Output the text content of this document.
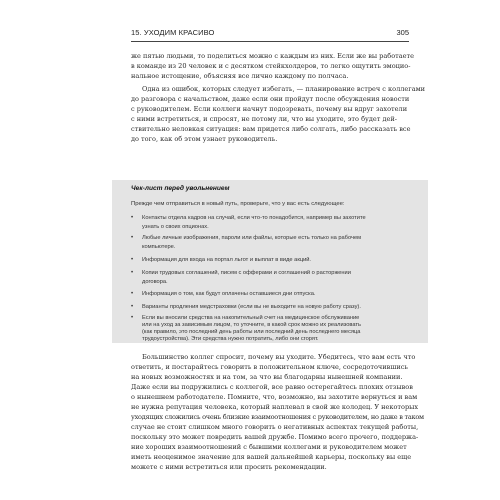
15. УХОДИМ КРАСИВО	305

же пятью людьми, то поделиться можно с каждым из них. Если же вы работаете
в команде из 20 человек и с десятком стейкхолдеров, то легко ощутить эмоцио-
нальное истощение, объясняя все лично каждому по полчаса.

Одна из ошибок, которых следует избегать, — планирование встреч с коллегами
до разговора с начальством, даже если они пройдут после обсуждения новости
с руководителем. Если коллеги начнут подозревать, почему вы вдруг захотели
с ними встретиться, и спросят, не потому ли, что вы уходите, это будет дей-
ствительно неловкая ситуация: вам придется либо солгать, либо рассказать все
до того, как об этом узнает руководитель.

Чек-лист перед увольнением

Прежде чем отправиться в новый путь, проверьте, что у вас есть следующее:

•	Контакты отдела кадров на случай, если что-то понадобится, например вы захотите
узнать о своих опционах.
•	Любые личные изображения, пароли или файлы, которые есть только на рабочем
компьютере.
•	Информация для входа на портал льгот и выплат в виде акций.
•	Копии трудовых соглашений, писем с офферами и соглашений о расторжении
договора.
•	Информация о том, как будут оплачены оставшиеся дни отпуска.
•	Варианты продления медстраховки (если вы не выходите на новую работу сразу).
•	Если вы вносили средства на накопительный счет на медицинское обслуживание
или на уход за зависимым лицом, то уточните, в какой срок можно их реализовать
(как правило, это последний день работы или последний день последнего месяца
трудоустройства). Эти средства нужно потратить, либо они сгорят.

Большинство коллег спросит, почему вы уходите. Убедитесь, что вам есть что
ответить, и постарайтесь говорить в положительном ключе, сосредоточившись
на новых возможностях и на том, за что вы благодарны нынешней компании.
Даже если вы подружились с коллегой, все равно остерегайтесь плохих отзывов
о нынешнем работодателе. Помните, что, возможно, вы захотите вернуться и вам
не нужна репутация человека, который наплевал в свой же колодец. У некоторых
уходящих сложились очень близкие взаимоотношения с руководителем, но даже в таком
случае не стоит слишком много говорить о негативных аспектах текущей работы,
поскольку это может повредить вашей дружбе. Помимо всего прочего, поддержа-
ние хороших взаимоотношений с бывшими коллегами и руководителем может
иметь неоценимое значение для вашей дальнейшей карьеры, поскольку вы еще
можете с ними встретиться или просить рекомендации.
